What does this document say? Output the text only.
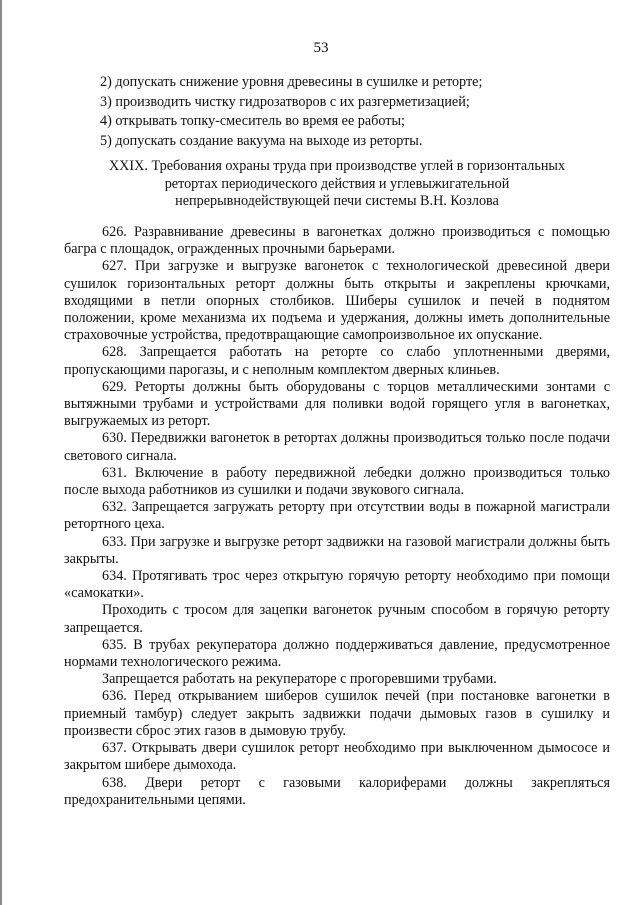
53
2) допускать снижение уровня древесины в сушилке и реторте;
3) производить чистку гидрозатворов с их разгерметизацией;
4) открывать топку-смеситель во время ее работы;
5) допускать создание вакуума на выходе из реторты.
XXIX. Требования охраны труда при производстве углей в горизонтальных
ретортах периодического действия и углевыжигательной
непрерывнодействующей печи системы В.Н. Козлова

626. Разравнивание древесины в вагонетках должно производиться с помощью багра с площадок, огражденных прочными барьерами.

627. При загрузке и выгрузке вагонеток с технологической древесиной двери сушилок горизонтальных реторт должны быть открыты и закреплены крючками, входящими в петли опорных столбиков. Шиберы сушилок и печей в поднятом положении, кроме механизма их подъема и удержания, должны иметь дополнительные страховочные устройства, предотвращающие самопроизвольное их опускание.

628. Запрещается работать на реторте со слабо уплотненными дверями, пропускающими парогазы, и с неполным комплектом дверных клиньев.

629. Реторты должны быть оборудованы с торцов металлическими зонтами с вытяжными трубами и устройствами для поливки водой горящего угля в вагонетках, выгружаемых из реторт.

630. Передвижки вагонеток в ретортах должны производиться только после подачи светового сигнала.

631. Включение в работу передвижной лебедки должно производиться только после выхода работников из сушилки и подачи звукового сигнала.

632. Запрещается загружать реторту при отсутствии воды в пожарной магистрали ретортного цеха.

633. При загрузке и выгрузке реторт задвижки на газовой магистрали должны быть закрыты.

634. Протягивать трос через открытую горячую реторту необходимо при помощи «самокатки».

Проходить с тросом для зацепки вагонеток ручным способом в горячую реторту запрещается.

635. В трубах рекуператора должно поддерживаться давление, предусмотренное нормами технологического режима.

Запрещается работать на рекуператоре с прогоревшими трубами.

636. Перед открыванием шиберов сушилок печей (при постановке вагонетки в приемный тамбур) следует закрыть задвижки подачи дымовых газов в сушилку и произвести сброс этих газов в дымовую трубу.

637. Открывать двери сушилок реторт необходимо при выключенном дымососе и закрытом шибере дымохода.

638. Двери реторт с газовыми калориферами должны закрепляться предохранительными цепями.
